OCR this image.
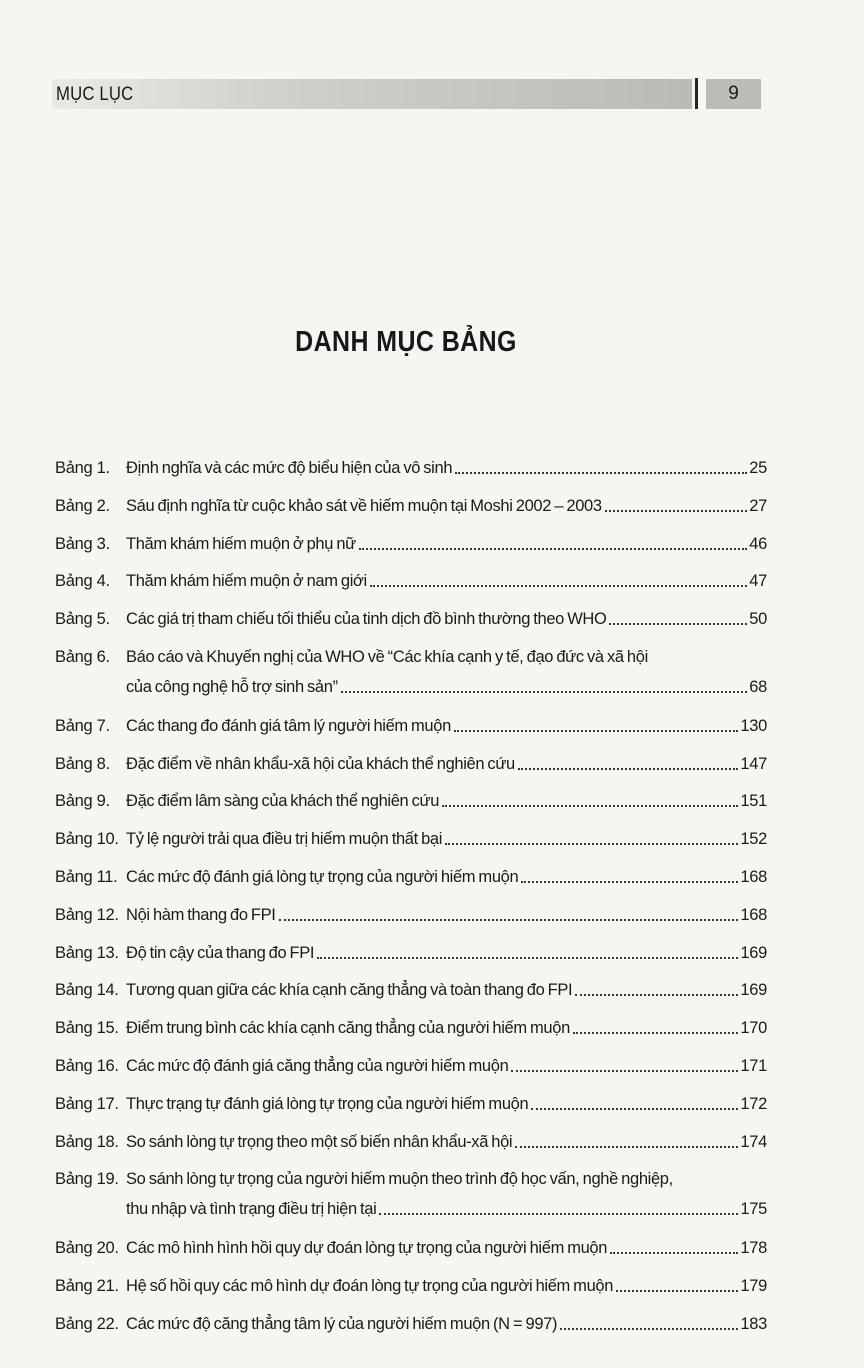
MỤC LỤC	9
DANH MỤC BẢNG
Bảng 1. Định nghĩa và các mức độ biểu hiện của vô sinh	25
Bảng 2. Sáu định nghĩa từ cuộc khảo sát về hiếm muộn tại Moshi 2002 – 2003	27
Bảng 3. Thăm khám hiếm muộn ở phụ nữ	46
Bảng 4. Thăm khám hiếm muộn ở nam giới	47
Bảng 5. Các giá trị tham chiếu tối thiểu của tinh dịch đồ bình thường theo WHO	50
Bảng 6. Báo cáo và Khuyến nghị của WHO về “Các khía cạnh y tế, đạo đức và xã hội
của công nghệ hỗ trợ sinh sản”	68
Bảng 7. Các thang đo đánh giá tâm lý người hiếm muộn	130
Bảng 8. Đặc điểm về nhân khẩu-xã hội của khách thể nghiên cứu	147
Bảng 9. Đặc điểm lâm sàng của khách thể nghiên cứu	151
Bảng 10. Tỷ lệ người trải qua điều trị hiếm muộn thất bại	152
Bảng 11. Các mức độ đánh giá lòng tự trọng của người hiếm muộn	168
Bảng 12. Nội hàm thang đo FPI	168
Bảng 13. Độ tin cậy của thang đo FPI	169
Bảng 14. Tương quan giữa các khía cạnh căng thẳng và toàn thang đo FPI	169
Bảng 15. Điểm trung bình các khía cạnh căng thẳng của người hiếm muộn	170
Bảng 16. Các mức độ đánh giá căng thẳng của người hiếm muộn	171
Bảng 17. Thực trạng tự đánh giá lòng tự trọng của người hiếm muộn	172
Bảng 18. So sánh lòng tự trọng theo một số biến nhân khẩu-xã hội	174
Bảng 19. So sánh lòng tự trọng của người hiếm muộn theo trình độ học vấn, nghề nghiệp,
thu nhập và tình trạng điều trị hiện tại	175
Bảng 20. Các mô hình hình hồi quy dự đoán lòng tự trọng của người hiếm muộn	178
Bảng 21. Hệ số hồi quy các mô hình dự đoán lòng tự trọng của người hiếm muộn	179
Bảng 22. Các mức độ căng thẳng tâm lý của người hiếm muộn (N = 997)	183
